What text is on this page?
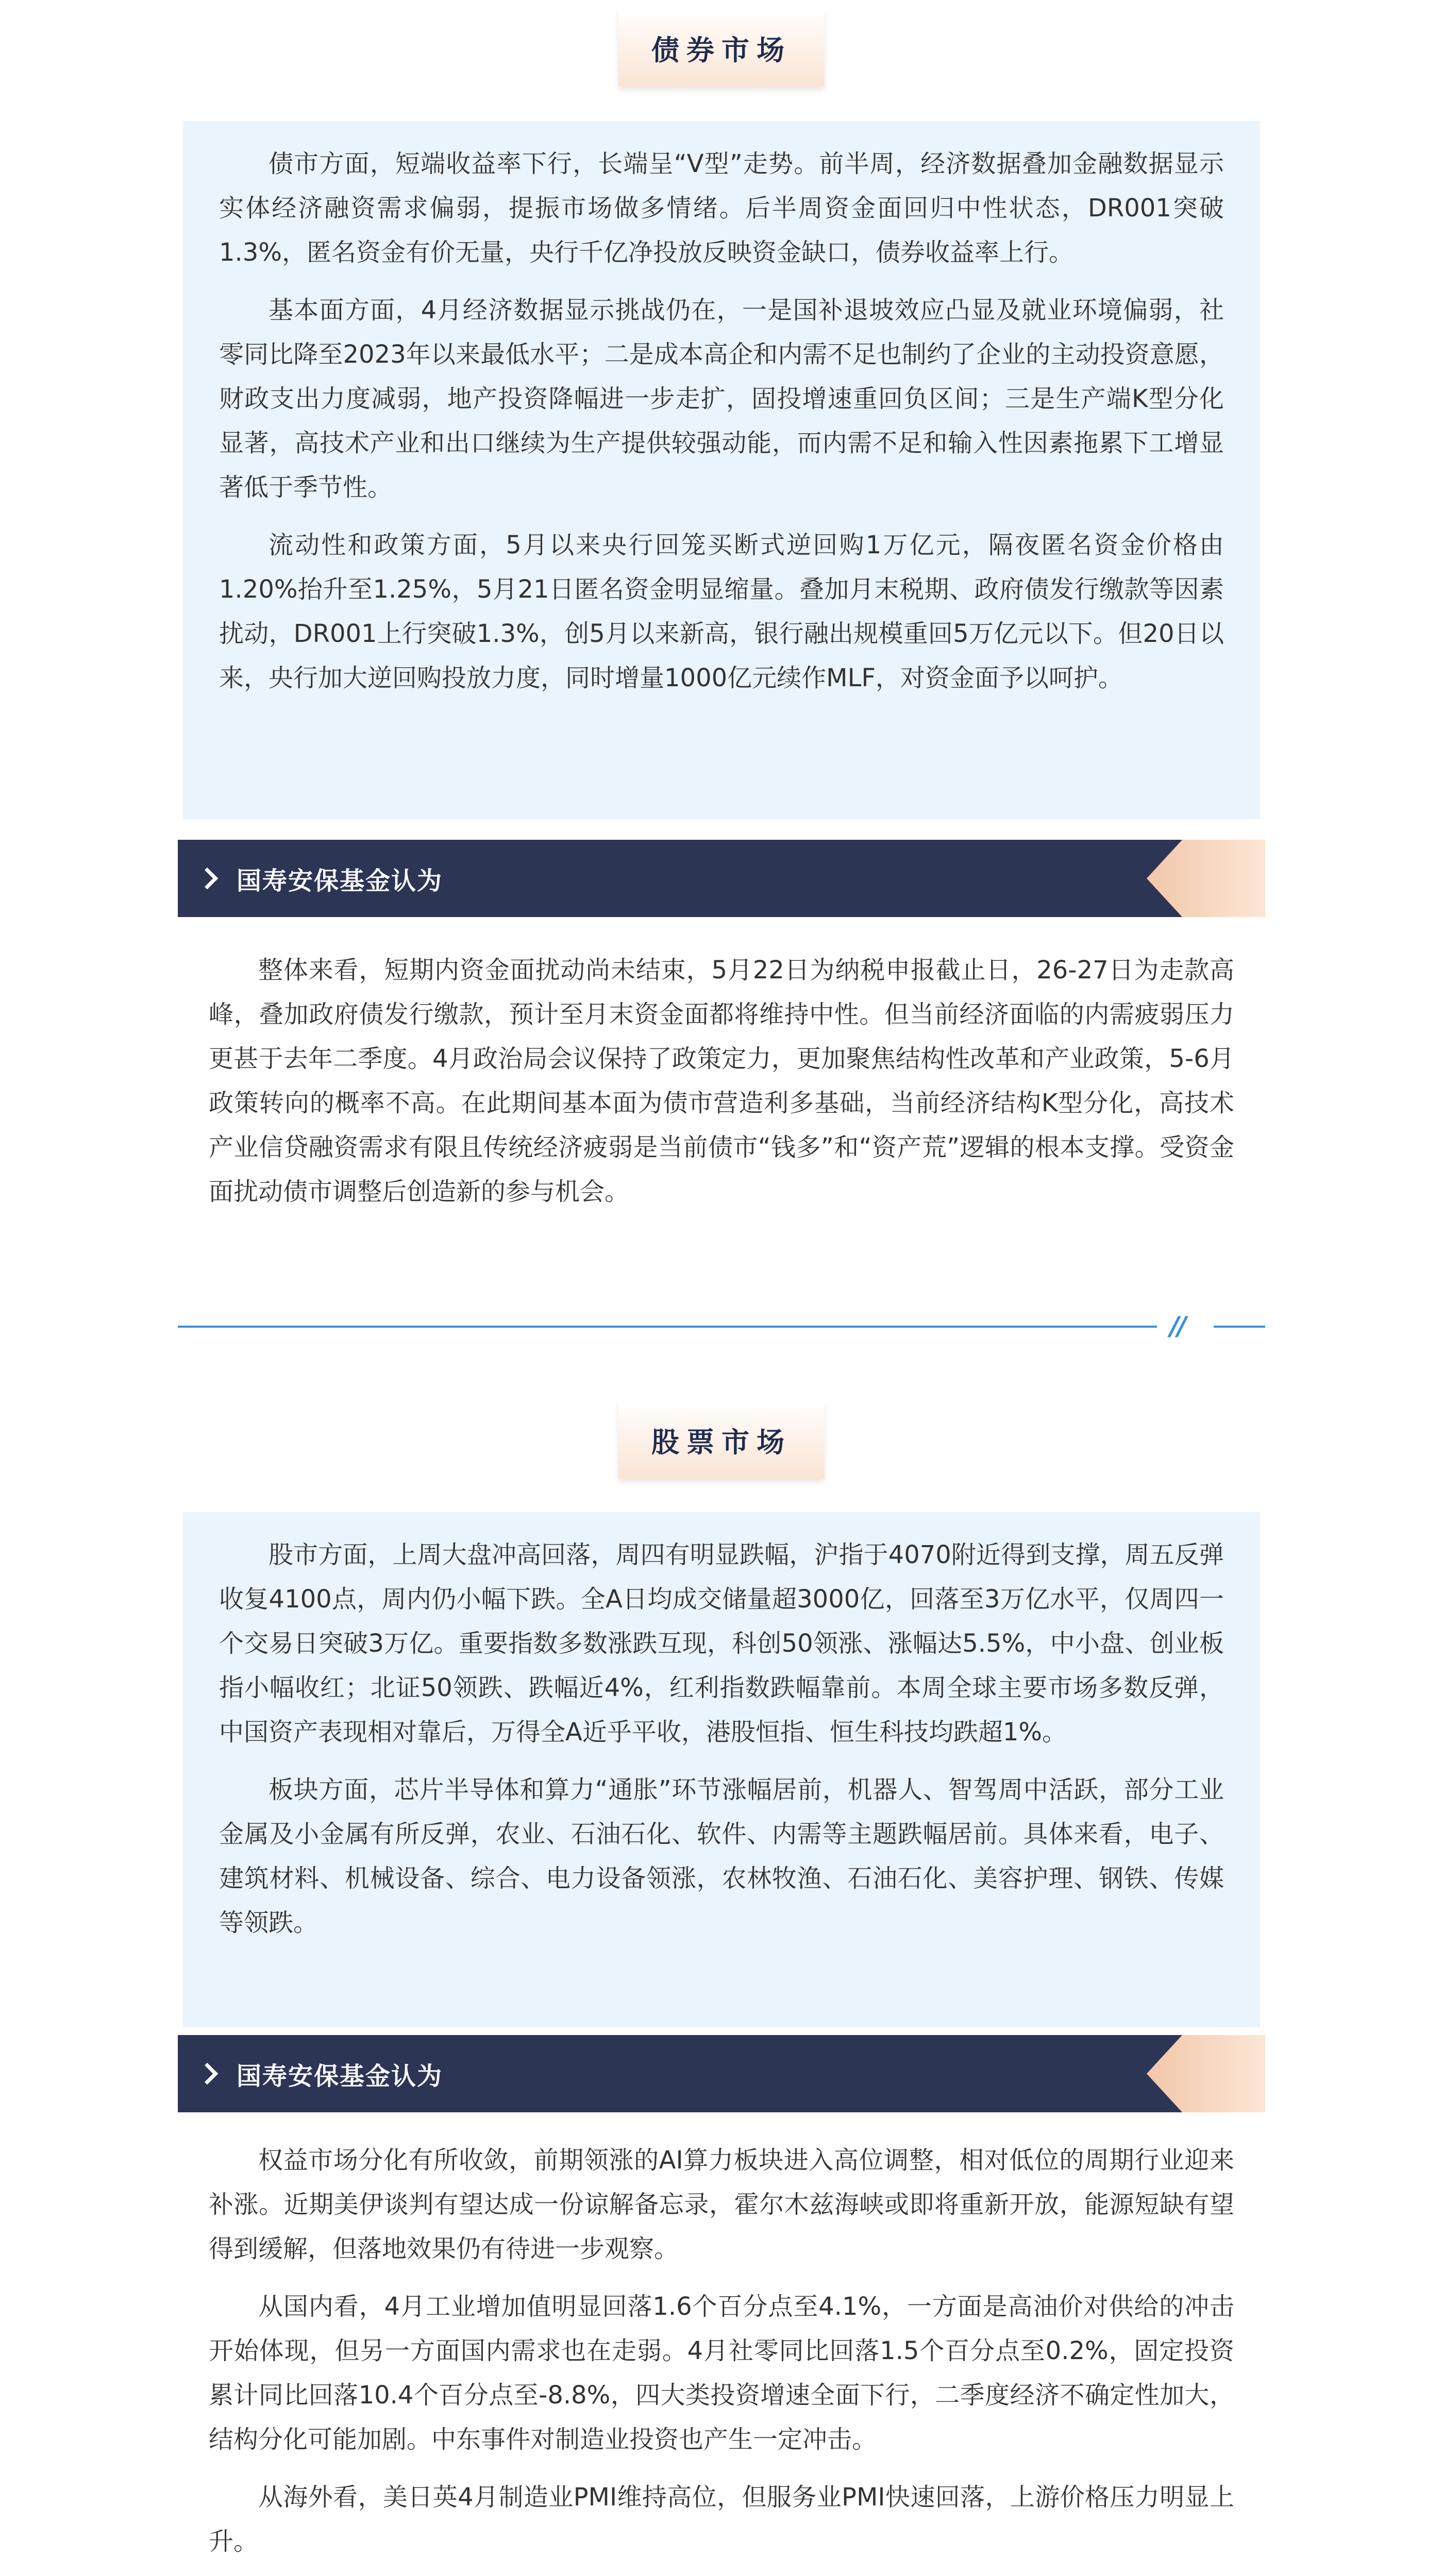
债券市场

债市方面，短端收益率下行，长端呈“V型”走势。前半周，经济数据叠加金融数据显示实体经济融资需求偏弱，提振市场做多情绪。后半周资金面回归中性状态，DR001突破1.3%，匿名资金有价无量，央行千亿净投放反映资金缺口，债券收益率上行。

基本面方面，4月经济数据显示挑战仍在，一是国补退坡效应凸显及就业环境偏弱，社零同比降至2023年以来最低水平；二是成本高企和内需不足也制约了企业的主动投资意愿，财政支出力度减弱，地产投资降幅进一步走扩，固投增速重回负区间；三是生产端K型分化显著，高技术产业和出口继续为生产提供较强动能，而内需不足和输入性因素拖累下工增显著低于季节性。

流动性和政策方面，5月以来央行回笼买断式逆回购1万亿元，隔夜匿名资金价格由1.20%抬升至1.25%，5月21日匿名资金明显缩量。叠加月末税期、政府债发行缴款等因素扰动，DR001上行突破1.3%，创5月以来新高，银行融出规模重回5万亿元以下。但20日以来，央行加大逆回购投放力度，同时增量1000亿元续作MLF，对资金面予以呵护。

国寿安保基金认为

整体来看，短期内资金面扰动尚未结束，5月22日为纳税申报截止日，26-27日为走款高峰，叠加政府债发行缴款，预计至月末资金面都将维持中性。但当前经济面临的内需疲弱压力更甚于去年二季度。4月政治局会议保持了政策定力，更加聚焦结构性改革和产业政策，5-6月政策转向的概率不高。在此期间基本面为债市营造利多基础，当前经济结构K型分化，高技术产业信贷融资需求有限且传统经济疲弱是当前债市“钱多”和“资产荒”逻辑的根本支撑。受资金面扰动债市调整后创造新的参与机会。

//
股票市场

股市方面，上周大盘冲高回落，周四有明显跌幅，沪指于4070附近得到支撑，周五反弹收复4100点，周内仍小幅下跌。全A日均成交储量超3000亿，回落至3万亿水平，仅周四一个交易日突破3万亿。重要指数多数涨跌互现，科创50领涨、涨幅达5.5%，中小盘、创业板指小幅收红；北证50领跌、跌幅近4%，红利指数跌幅靠前。本周全球主要市场多数反弹，中国资产表现相对靠后，万得全A近乎平收，港股恒指、恒生科技均跌超1%。

板块方面，芯片半导体和算力“通胀”环节涨幅居前，机器人、智驾周中活跃，部分工业金属及小金属有所反弹，农业、石油石化、软件、内需等主题跌幅居前。具体来看，电子、建筑材料、机械设备、综合、电力设备领涨，农林牧渔、石油石化、美容护理、钢铁、传媒等领跌。

国寿安保基金认为

权益市场分化有所收敛，前期领涨的AI算力板块进入高位调整，相对低位的周期行业迎来补涨。近期美伊谈判有望达成一份谅解备忘录，霍尔木兹海峡或即将重新开放，能源短缺有望得到缓解，但落地效果仍有待进一步观察。

从国内看，4月工业增加值明显回落1.6个百分点至4.1%，一方面是高油价对供给的冲击开始体现，但另一方面国内需求也在走弱。4月社零同比回落1.5个百分点至0.2%，固定投资累计同比回落10.4个百分点至-8.8%，四大类投资增速全面下行，二季度经济不确定性加大，结构分化可能加剧。中东事件对制造业投资也产生一定冲击。

从海外看，美日英4月制造业PMI维持高位，但服务业PMI快速回落，上游价格压力明显上升。
